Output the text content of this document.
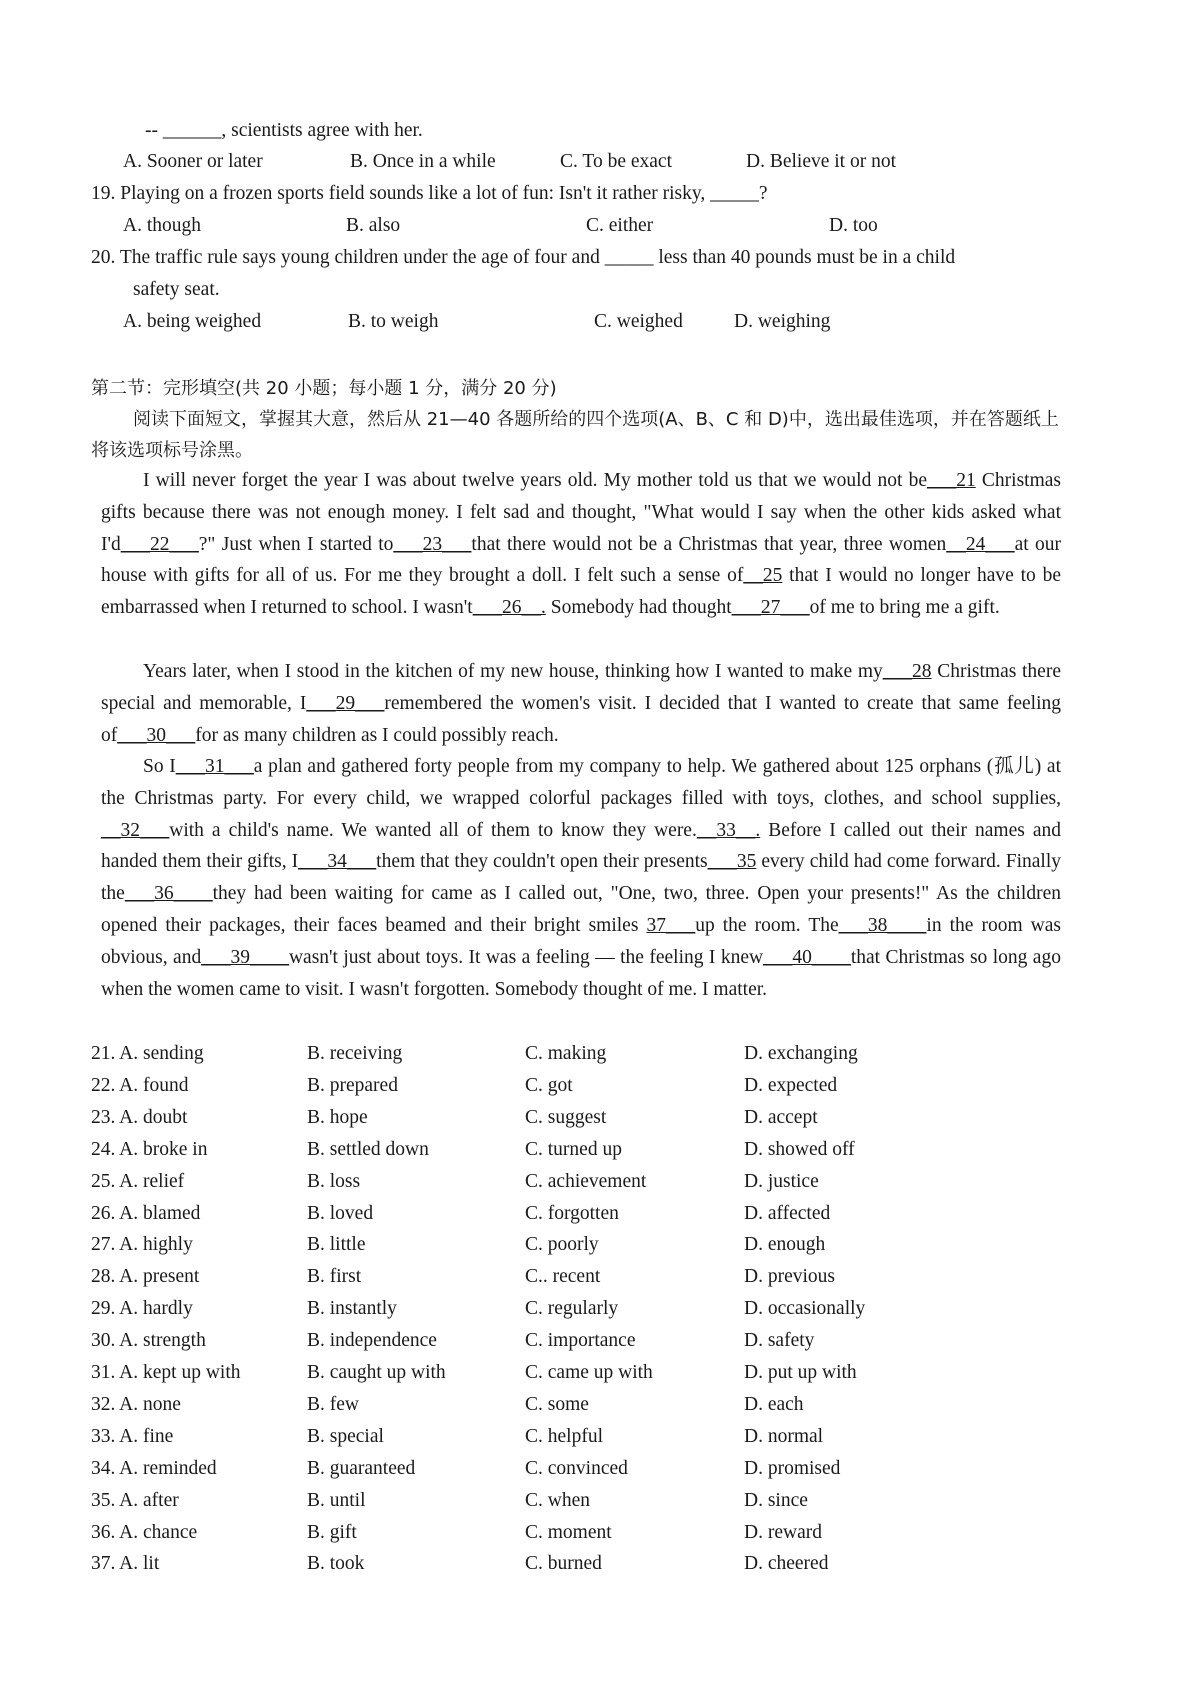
-- ______, scientists agree with her.
A. Sooner or later	B. Once in a while	C. To be exact	D. Believe it or not
19. Playing on a frozen sports field sounds like a lot of fun: Isn't it rather risky, _____?
A. though	B. also	C. either	D. too
20. The traffic rule says young children under the age of four and _____ less than 40 pounds must be in a child
safety seat.
A. being weighed	B. to weigh	C. weighed	D. weighing
第二节：完形填空(共 20 小题；每小题 1 分，满分 20 分)
阅读下面短文，掌握其大意，然后从 21—40 各题所给的四个选项(A、B、C 和 D)中，选出最佳选项，并在答题纸上将该选项标号涂黑。
I will never forget the year I was about twelve years old. My mother told us that we would not be___21 Christmas gifts because there was not enough money. I felt sad and thought, "What would I say when the other kids asked what I'd___22___?" Just when I started to___23___that there would not be a Christmas that year, three women__24___at our house with gifts for all of us. For me they brought a doll. I felt such a sense of__25 that I would no longer have to be embarrassed when I returned to school. I wasn't___26__. Somebody had thought___27___of me to bring me a gift.
Years later, when I stood in the kitchen of my new house, thinking how I wanted to make my___28 Christmas there special and memorable, I___29___remembered the women's visit. I decided that I wanted to create that same feeling of___30___for as many children as I could possibly reach.
So I___31___a plan and gathered forty people from my company to help. We gathered about 125 orphans (孤儿) at the Christmas party. For every child, we wrapped colorful packages filled with toys, clothes, and school supplies, __32___with a child's name. We wanted all of them to know they were.__33__. Before I called out their names and handed them their gifts, I___34___them that they couldn't open their presents___35 every child had come forward. Finally the___36____they had been waiting for came as I called out, "One, two, three. Open your presents!" As the children opened their packages, their faces beamed and their bright smiles 37___up the room. The___38____in the room was obvious, and___39____wasn't just about toys. It was a feeling — the feeling I knew___40____that Christmas so long ago when the women came to visit. I wasn't forgotten. Somebody thought of me. I matter.
21. A. sending	B. receiving	C. making	D. exchanging
22. A. found	B. prepared	C. got	D. expected
23. A. doubt	B. hope	C. suggest	D. accept
24. A. broke in	B. settled down	C. turned up	D. showed off
25. A. relief	B. loss	C. achievement	D. justice
26. A. blamed	B. loved	C. forgotten	D. affected
27. A. highly	B. little	C. poorly	D. enough
28. A. present	B. first	C.. recent	D. previous
29. A. hardly	B. instantly	C. regularly	D. occasionally
30. A. strength	B. independence	C. importance	D. safety
31. A. kept up with	B. caught up with	C. came up with	D. put up with
32. A. none	B. few	C. some	D. each
33. A. fine	B. special	C. helpful	D. normal
34. A. reminded	B. guaranteed	C. convinced	D. promised
35. A. after	B. until	C. when	D. since
36. A. chance	B. gift	C. moment	D. reward
37. A. lit	B. took	C. burned	D. cheered
